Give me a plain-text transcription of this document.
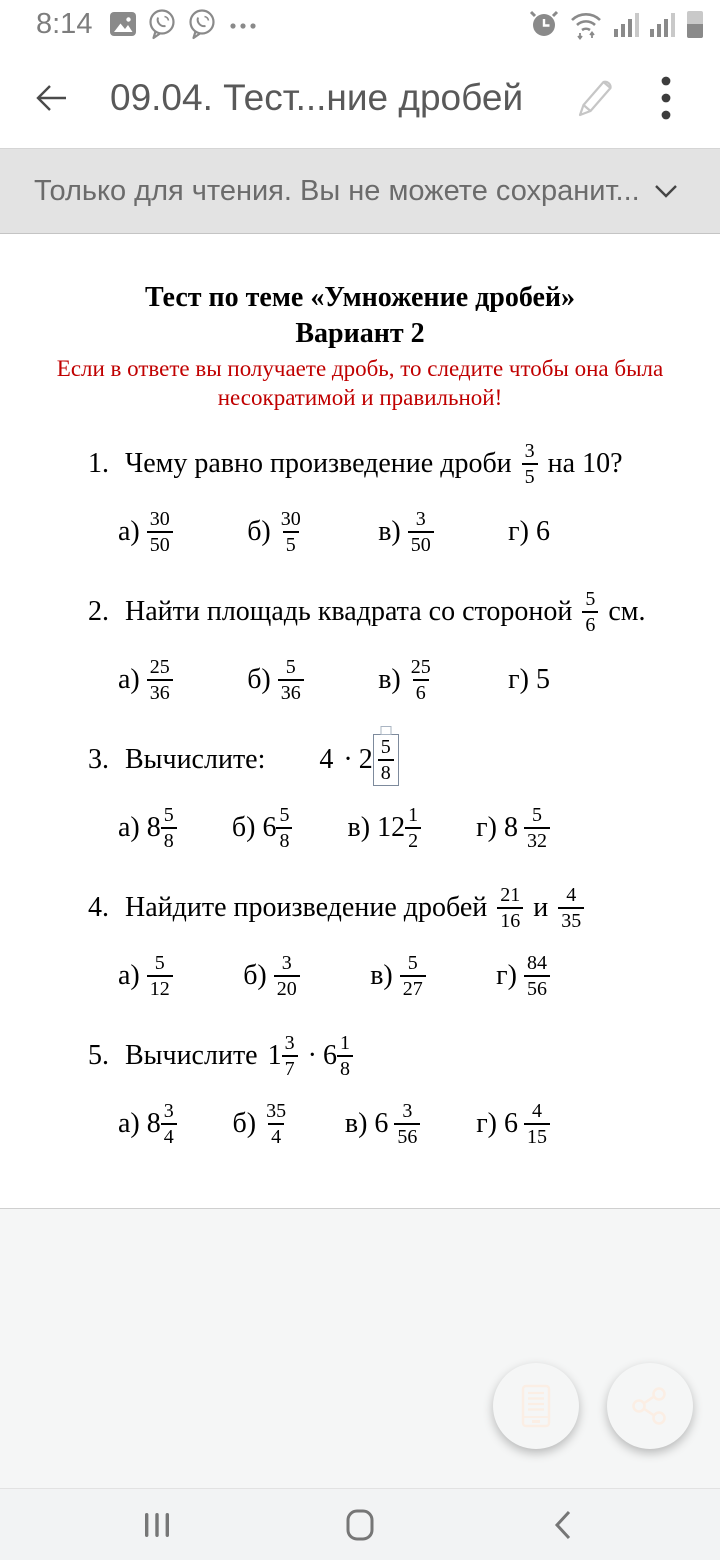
8:14
09.04. Тест...ние дробей
Только для чтения. Вы не можете сохранит...
Тест по теме «Умножение дробей»
Вариант 2
Если в ответе вы получаете дробь, то следите чтобы она была несократимой и правильной!
1. Чему равно произведение дроби $\frac{3}{5}$ на 10?
$а) \frac{30}{50}$	$б) \frac{30}{5}$	$в) \frac{3}{50}$	г) 6
2. Найти площадь квадрата со стороной $\frac{5}{6}$ см.
$а) \frac{25}{36}$	$б) \frac{5}{36}$	$в) \frac{25}{6}$	г) 5
3. Вычислите: $4 \cdot 2 \frac{5}{8}$
а) $8 \frac{5}{8} б$) $6 \frac{5}{8} в$) $12 \frac{1}{2} г$) $8 \frac{5}{32}$
4. Найдите произведение дробей $\frac{21}{16}$ и $\frac{4}{35}$
$а) \frac{5}{12}$	$б) \frac{3}{20}$	$в) \frac{5}{27}$	$г) \frac{84}{56}$
5. Вычислите $1 \frac{3}{7} \cdot 6 \frac{1}{8}$
а) $8 \frac{3}{4} б) \frac{35}{4} в$) $6 \frac{3}{56} г$) $6 \frac{4}{15}$
